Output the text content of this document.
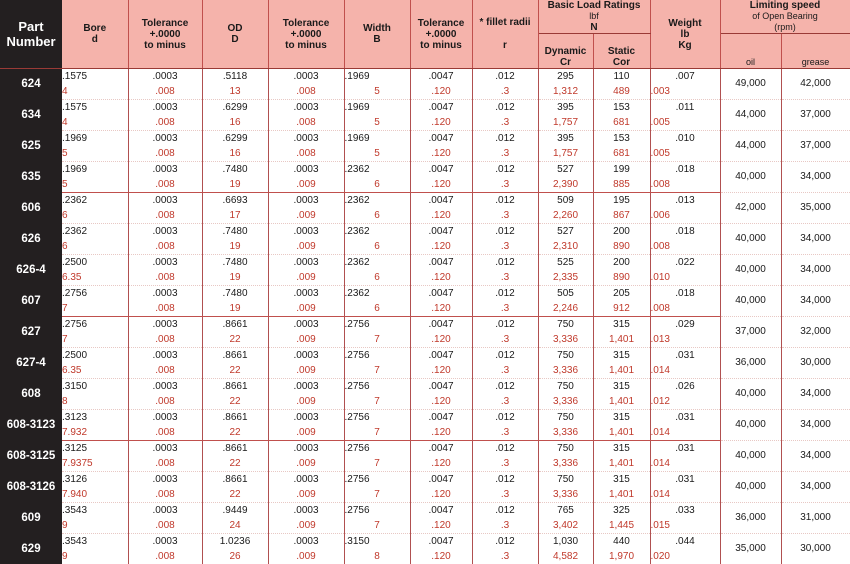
Part
Number	Bore
d	Tolerance
+.0000
to minus	OD
D	Tolerance
+.0000
to minus	Width
B	Tolerance
+.0000
to minus	* fillet radii
r	Basic Load Ratings
lbf
N		Weight
lb
Kg	Limiting speed
of Open Bearing
(rpm)	

								Dynamic
Cr	Static
Cor		oil	grease

624	.1575	.0003	.5118	.0003	.1969	.0047	.012	295	110	.007	49,000	42,000
	4	.008	13	.008	5	.120	.3	1,312	489	.003		
634	.1575	.0003	.6299	.0003	.1969	.0047	.012	395	153	.011	44,000	37,000
	4	.008	16	.008	5	.120	.3	1,757	681	.005		
625	.1969	.0003	.6299	.0003	.1969	.0047	.012	395	153	.010	44,000	37,000
	5	.008	16	.008	5	.120	.3	1,757	681	.005		
635	.1969	.0003	.7480	.0003	.2362	.0047	.012	527	199	.018	40,000	34,000
	5	.008	19	.009	6	.120	.3	2,390	885	.008		
606	.2362	.0003	.6693	.0003	.2362	.0047	.012	509	195	.013	42,000	35,000
	6	.008	17	.009	6	.120	.3	2,260	867	.006		
626	.2362	.0003	.7480	.0003	.2362	.0047	.012	527	200	.018	40,000	34,000
	6	.008	19	.009	6	.120	.3	2,310	890	.008		
626-4	.2500	.0003	.7480	.0003	.2362	.0047	.012	525	200	.022	40,000	34,000
	6.35	.008	19	.009	6	.120	.3	2,335	890	.010		
607	.2756	.0003	.7480	.0003	.2362	.0047	.012	505	205	.018	40,000	34,000
	7	.008	19	.009	6	.120	.3	2,246	912	.008		
627	.2756	.0003	.8661	.0003	.2756	.0047	.012	750	315	.029	37,000	32,000
	7	.008	22	.009	7	.120	.3	3,336	1,401	.013		
627-4	.2500	.0003	.8661	.0003	.2756	.0047	.012	750	315	.031	36,000	30,000
	6.35	.008	22	.009	7	.120	.3	3,336	1,401	.014		
608	.3150	.0003	.8661	.0003	.2756	.0047	.012	750	315	.026	40,000	34,000
	8	.008	22	.009	7	.120	.3	3,336	1,401	.012		
608-3123	.3123	.0003	.8661	.0003	.2756	.0047	.012	750	315	.031	40,000	34,000
	7.932	.008	22	.009	7	.120	.3	3,336	1,401	.014		
608-3125	.3125	.0003	.8661	.0003	.2756	.0047	.012	750	315	.031	40,000	34,000
	7.9375	.008	22	.009	7	.120	.3	3,336	1,401	.014		
608-3126	.3126	.0003	.8661	.0003	.2756	.0047	.012	750	315	.031	40,000	34,000
	7.940	.008	22	.009	7	.120	.3	3,336	1,401	.014		
609	.3543	.0003	.9449	.0003	.2756	.0047	.012	765	325	.033	36,000	31,000
	9	.008	24	.009	7	.120	.3	3,402	1,445	.015		
629	.3543	.0003	1.0236	.0003	.3150	.0047	.012	1,030	440	.044	35,000	30,000
	9	.008	26	.009	8	.120	.3	4,582	1,970	.020		
